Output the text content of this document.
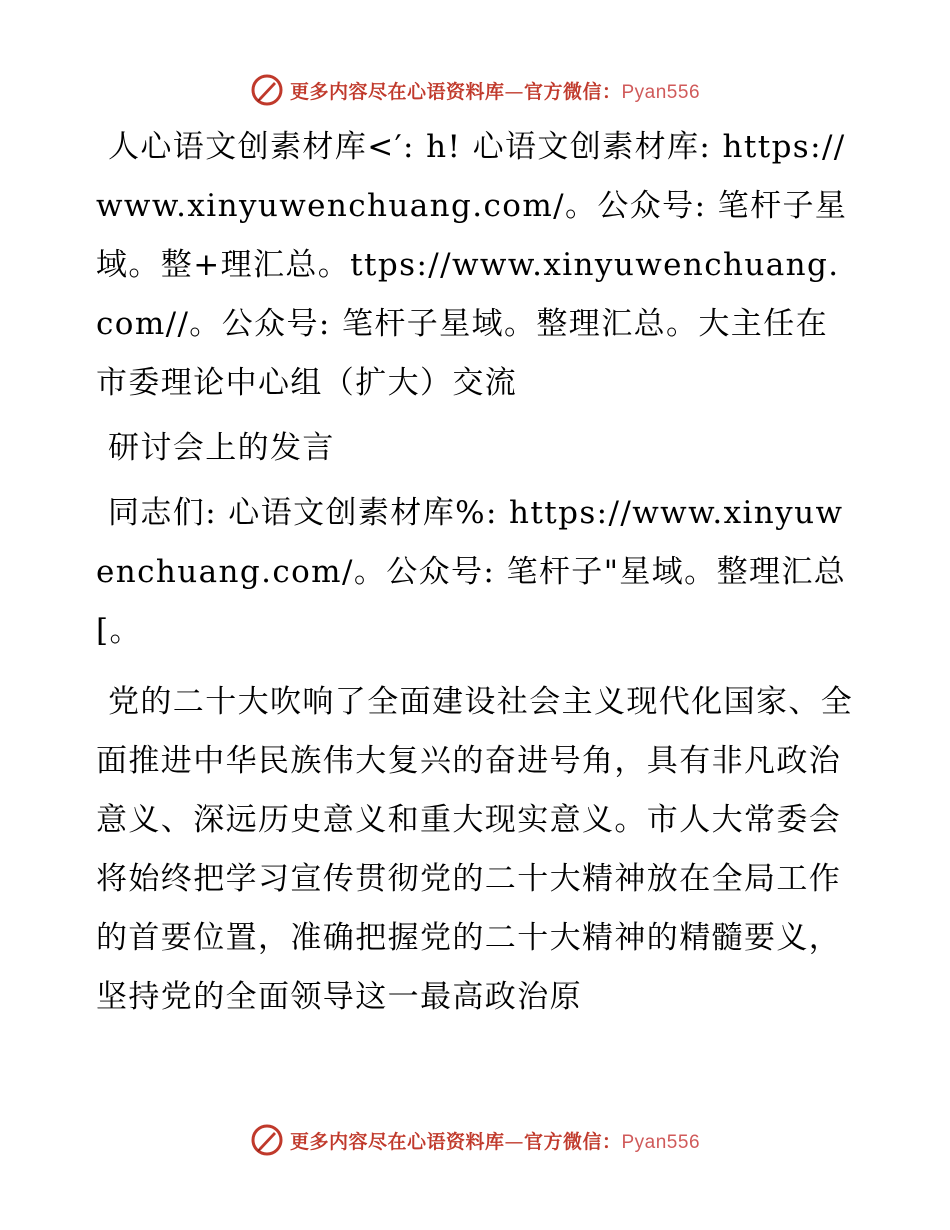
更多内容尽在心语资料库—官方微信：Pyan556

人心语文创素材库<′: h! 心语文创素材库: https://www.xinyuwenchuang.com/。公众号: 笔杆子星域。整+理汇总。ttps://www.xinyuwenchuang.com//。公众号: 笔杆子星域。整理汇总。大主任在市委理论中心组（扩大）交流

研讨会上的发言

同志们: 心语文创素材库%: https://www.xinyuwenchuang.com/。公众号: 笔杆子"星域。整理汇总[。

党的二十大吹响了全面建设社会主义现代化国家、全面推进中华民族伟大复兴的奋进号角，具有非凡政治意义、深远历史意义和重大现实意义。市人大常委会将始终把学习宣传贯彻党的二十大精神放在全局工作的首要位置，准确把握党的二十大精神的精髓要义，坚持党的全面领导这一最高政治原

更多内容尽在心语资料库—官方微信：Pyan556
